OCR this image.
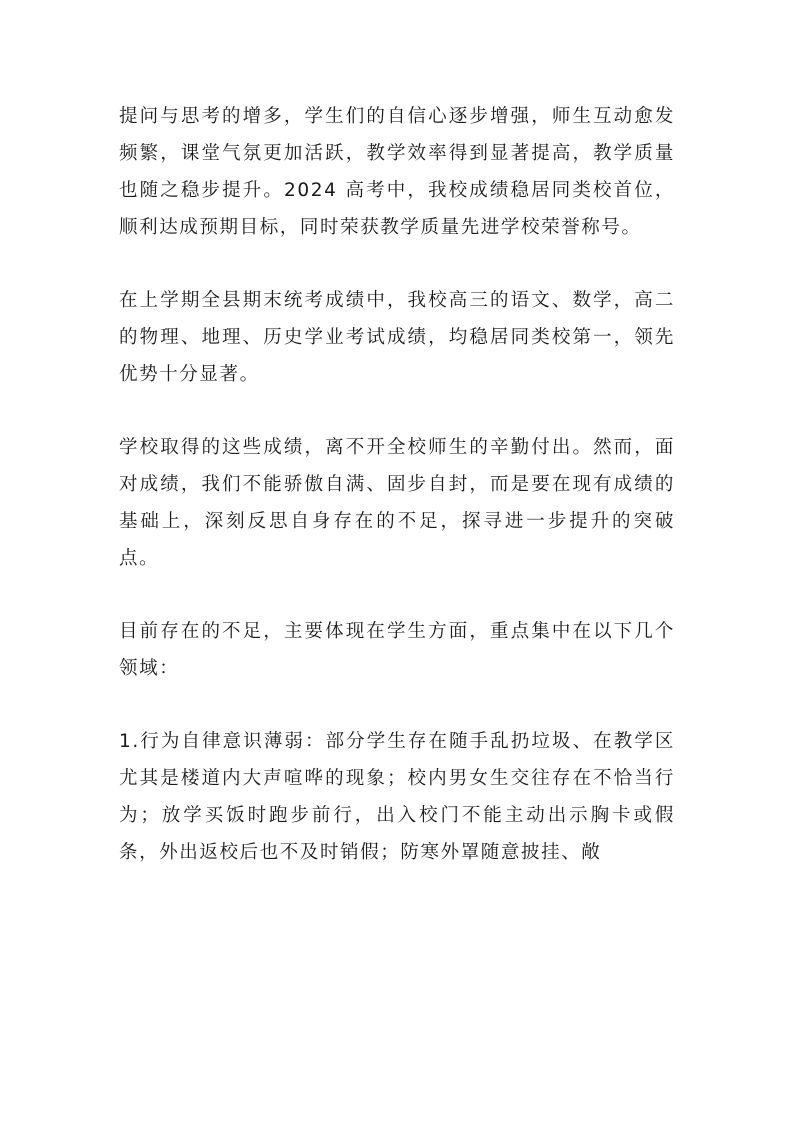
提问与思考的增多，学生们的自信心逐步增强，师生互动愈发频繁，课堂气氛更加活跃，教学效率得到显著提高，教学质量也随之稳步提升。2024 高考中，我校成绩稳居同类校首位，顺利达成预期目标，同时荣获教学质量先进学校荣誉称号。

在上学期全县期末统考成绩中，我校高三的语文、数学，高二的物理、地理、历史学业考试成绩，均稳居同类校第一，领先优势十分显著。

学校取得的这些成绩，离不开全校师生的辛勤付出。然而，面对成绩，我们不能骄傲自满、固步自封，而是要在现有成绩的基础上，深刻反思自身存在的不足，探寻进一步提升的突破点。

目前存在的不足，主要体现在学生方面，重点集中在以下几个领域：

1.行为自律意识薄弱：部分学生存在随手乱扔垃圾、在教学区尤其是楼道内大声喧哗的现象；校内男女生交往存在不恰当行为；放学买饭时跑步前行，出入校门不能主动出示胸卡或假条，外出返校后也不及时销假；防寒外罩随意披挂、敞
